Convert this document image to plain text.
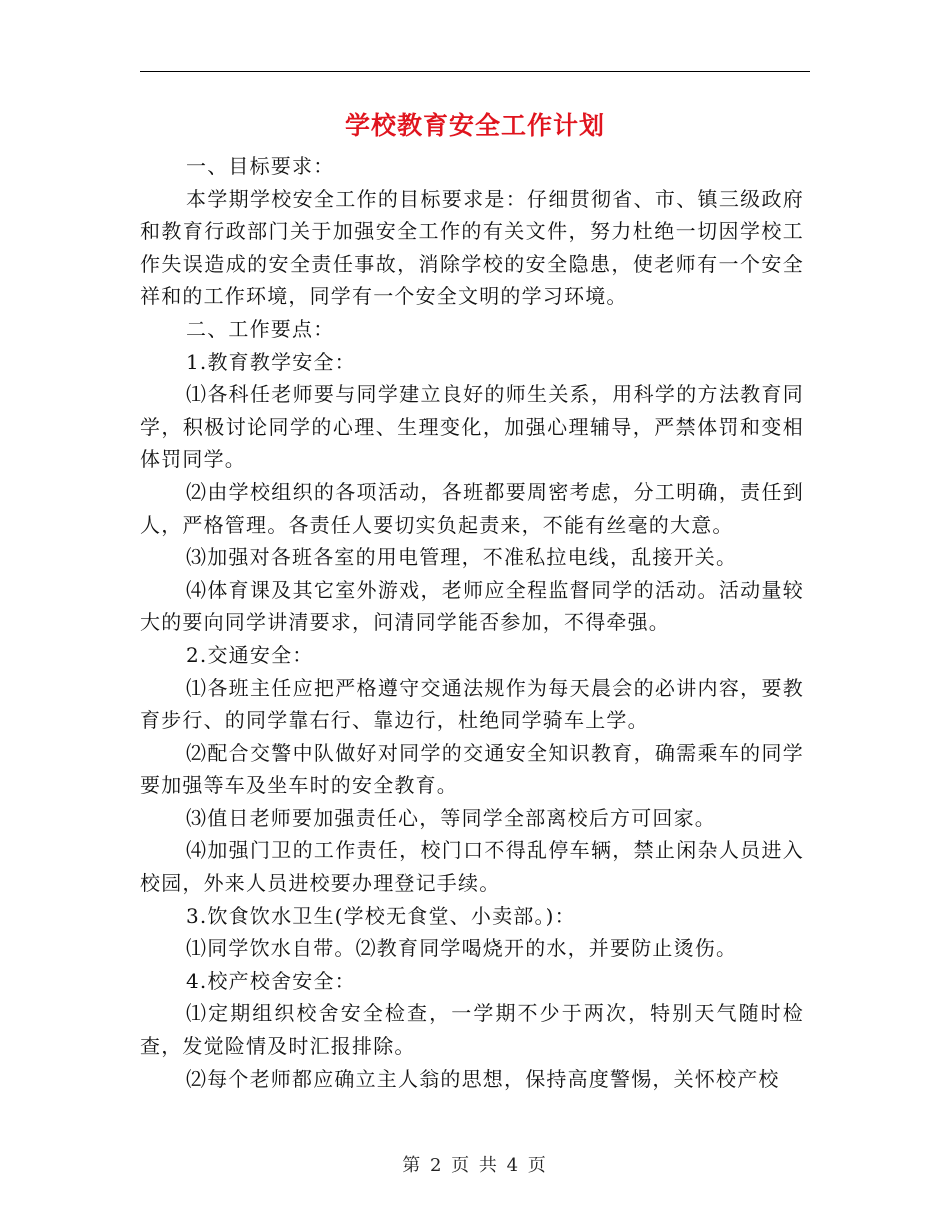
学校教育安全工作计划

一、目标要求：

本学期学校安全工作的目标要求是：仔细贯彻省、市、镇三级政府和教育行政部门关于加强安全工作的有关文件，努力杜绝一切因学校工作失误造成的安全责任事故，消除学校的安全隐患，使老师有一个安全祥和的工作环境，同学有一个安全文明的学习环境。

二、工作要点：

1.教育教学安全：

⑴各科任老师要与同学建立良好的师生关系，用科学的方法教育同学，积极讨论同学的心理、生理变化，加强心理辅导，严禁体罚和变相体罚同学。

⑵由学校组织的各项活动，各班都要周密考虑，分工明确，责任到人，严格管理。各责任人要切实负起责来，不能有丝毫的大意。

⑶加强对各班各室的用电管理，不准私拉电线，乱接开关。

⑷体育课及其它室外游戏，老师应全程监督同学的活动。活动量较大的要向同学讲清要求，问清同学能否参加，不得牵强。

2.交通安全：

⑴各班主任应把严格遵守交通法规作为每天晨会的必讲内容，要教育步行、的同学靠右行、靠边行，杜绝同学骑车上学。

⑵配合交警中队做好对同学的交通安全知识教育，确需乘车的同学要加强等车及坐车时的安全教育。

⑶值日老师要加强责任心，等同学全部离校后方可回家。

⑷加强门卫的工作责任，校门口不得乱停车辆，禁止闲杂人员进入校园，外来人员进校要办理登记手续。

3.饮食饮水卫生(学校无食堂、小卖部。)：

⑴同学饮水自带。⑵教育同学喝烧开的水，并要防止烫伤。

4.校产校舍安全：

⑴定期组织校舍安全检查，一学期不少于两次，特别天气随时检查，发觉险情及时汇报排除。

⑵每个老师都应确立主人翁的思想，保持高度警惕，关怀校产校

第 2 页 共 4 页
